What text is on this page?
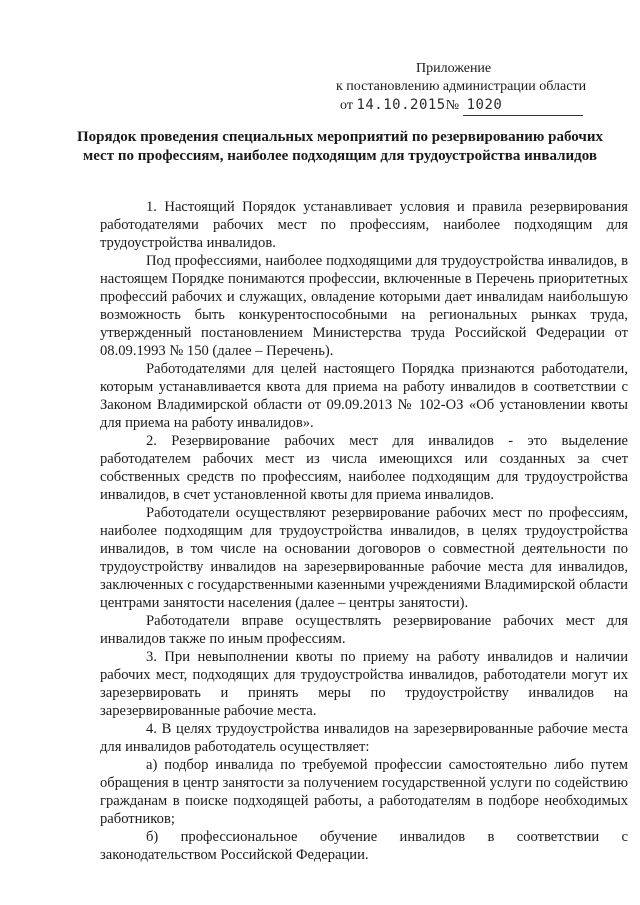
Приложение
к постановлению администрации области
от 14.10.2015№ 1020
Порядок проведения специальных мероприятий по резервированию рабочих мест по профессиям, наиболее подходящим для трудоустройства инвалидов

1. Настоящий Порядок устанавливает условия и правила резервирования работодателями рабочих мест по профессиям, наиболее подходящим для трудоустройства инвалидов.

Под профессиями, наиболее подходящими для трудоустройства инвалидов, в настоящем Порядке понимаются профессии, включенные в Перечень приоритетных профессий рабочих и служащих, овладение которыми дает инвалидам наибольшую возможность быть конкурентоспособными на региональных рынках труда, утвержденный постановлением Министерства труда Российской Федерации от 08.09.1993 № 150 (далее – Перечень).

Работодателями для целей настоящего Порядка признаются работодатели, которым устанавливается квота для приема на работу инвалидов в соответствии с Законом Владимирской области от 09.09.2013 № 102-ОЗ «Об установлении квоты для приема на работу инвалидов».

2. Резервирование рабочих мест для инвалидов - это выделение работодателем рабочих мест из числа имеющихся или созданных за счет собственных средств по профессиям, наиболее подходящим для трудоустройства инвалидов, в счет установленной квоты для приема инвалидов.

Работодатели осуществляют резервирование рабочих мест по профессиям, наиболее подходящим для трудоустройства инвалидов, в целях трудоустройства инвалидов, в том числе на основании договоров о совместной деятельности по трудоустройству инвалидов на зарезервированные рабочие места для инвалидов, заключенных с государственными казенными учреждениями Владимирской области центрами занятости населения (далее – центры занятости).

Работодатели вправе осуществлять резервирование рабочих мест для инвалидов также по иным профессиям.

3. При невыполнении квоты по приему на работу инвалидов и наличии рабочих мест, подходящих для трудоустройства инвалидов, работодатели могут их зарезервировать и принять меры по трудоустройству инвалидов на зарезервированные рабочие места.

4. В целях трудоустройства инвалидов на зарезервированные рабочие места для инвалидов работодатель осуществляет:

а) подбор инвалида по требуемой профессии самостоятельно либо путем обращения в центр занятости за получением государственной услуги по содействию гражданам в поиске подходящей работы, а работодателям в подборе необходимых работников;

б) профессиональное обучение инвалидов в соответствии с законодательством Российской Федерации.
